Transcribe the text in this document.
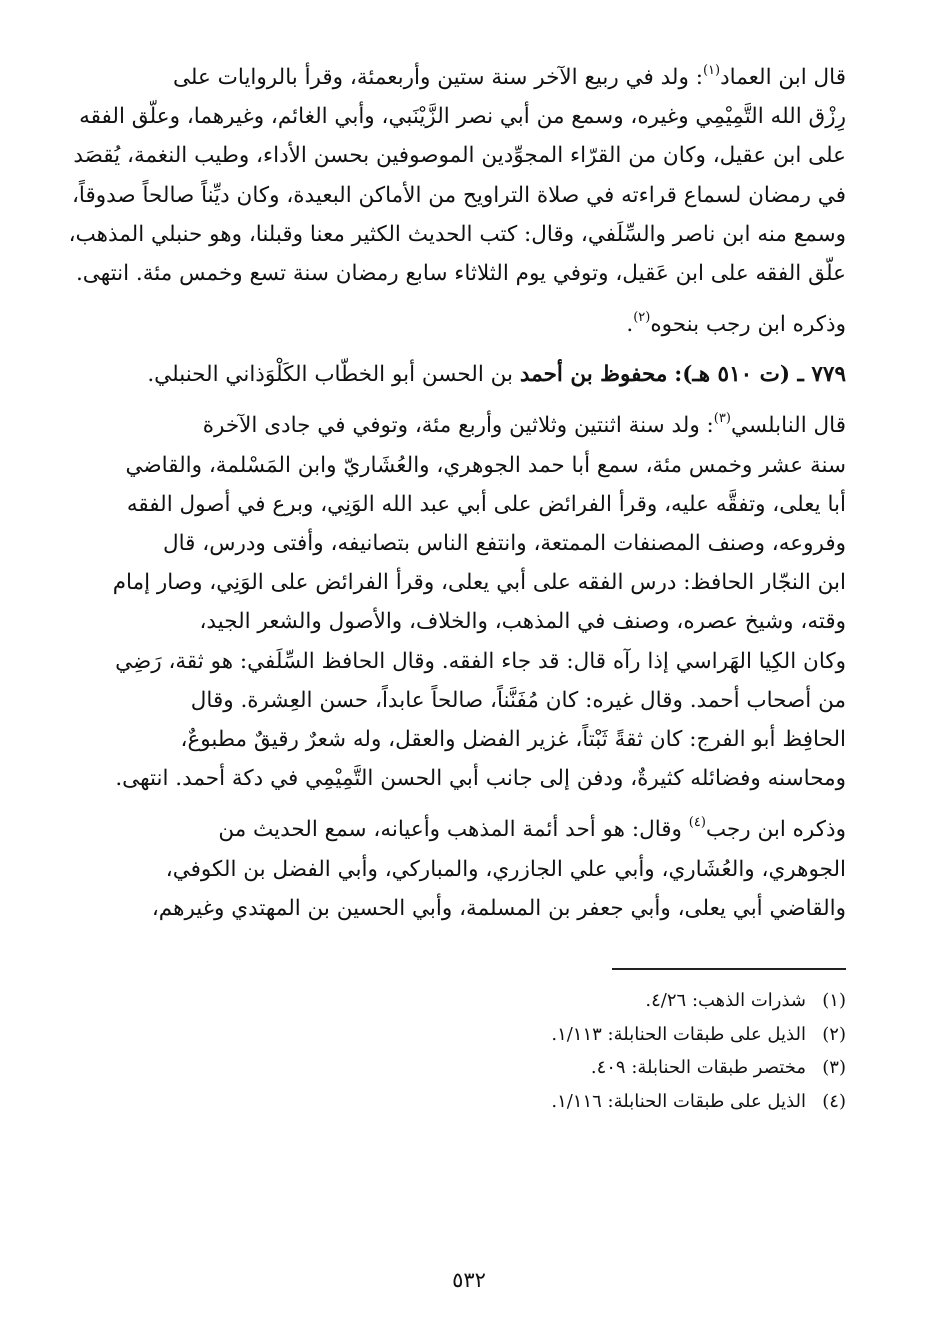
قال ابن العماد$^{(١)}$: ولد في ربيع الآخر سنة ستين وأربعمئة، وقرأ بالروايات على
رِزْق الله التَّمِيْمِي وغيره، وسمع من أبي نصر الزَّيْنَبي، وأبي الغائم، وغيرهما، وعلّق الفقه
على ابن عقيل، وكان من القرّاء المجوِّدين الموصوفين بحسن الأداء، وطيب النغمة، يُقصَد
في رمضان لسماع قراءته في صلاة التراويح من الأماكن البعيدة، وكان ديِّناً صالحاً صدوقاً،
وسمع منه ابن ناصر والسِّلَفي، وقال: كتب الحديث الكثير معنا وقبلنا، وهو حنبلي المذهب،
علّق الفقه على ابن عَقيل، وتوفي يوم الثلاثاء سابع رمضان سنة تسع وخمس مئة. انتهى.
وذكره ابن رجب بنحوه$^{(٢)}$.
٧٧٩ ـ (ت ٥١٠ هـ): محفوظ بن أحمد بن الحسن أبو الخطّاب الكَلْوَذاني الحنبلي.
قال النابلسي$^{(٣)}$: ولد سنة اثنتين وثلاثين وأربع مئة، وتوفي في جادى الآخرة
سنة عشر وخمس مئة، سمع أبا حمد الجوهري، والعُشَاريّ وابن المَسْلمة، والقاضي
أبا يعلى، وتفقَّه عليه، وقرأ الفرائض على أبي عبد الله الوَنِي، وبرع في أصول الفقه
وفروعه، وصنف المصنفات الممتعة، وانتفع الناس بتصانيفه، وأفتى ودرس، قال
ابن النجّار الحافظ: درس الفقه على أبي يعلى، وقرأ الفرائض على الوَنِي، وصار إمام
وقته، وشيخ عصره، وصنف في المذهب، والخلاف، والأصول والشعر الجيد،
وكان الكِيا الهَراسي إذا رآه قال: قد جاء الفقه. وقال الحافظ السِّلَفي: هو ثقة، رَضِي
من أصحاب أحمد. وقال غيره: كان مُفَنَّناً، صالحاً عابداً، حسن العِشرة. وقال
الحافِظ أبو الفرج: كان ثقةً ثَبْتاً، غزير الفضل والعقل، وله شعرٌ رقيقٌ مطبوعٌ،
ومحاسنه وفضائله كثيرةٌ، ودفن إلى جانب أبي الحسن التَّمِيْمِي في دكة أحمد. انتهى.
وذكره ابن رجب$^{(٤)}$ وقال: هو أحد أئمة المذهب وأعيانه، سمع الحديث من
الجوهري، والعُشَاري، وأبي علي الجازري، والمباركي، وأبي الفضل بن الكوفي،
والقاضي أبي يعلى، وأبي جعفر بن المسلمة، وأبي الحسين بن المهتدي وغيرهم،
(١)شذرات الذهب: ٤/٢٦.
(٢)الذيل على طبقات الحنابلة: ١/١١٣.
(٣)مختصر طبقات الحنابلة: ٤٠٩.
(٤)الذيل على طبقات الحنابلة: ١/١١٦.
٥٣٢
